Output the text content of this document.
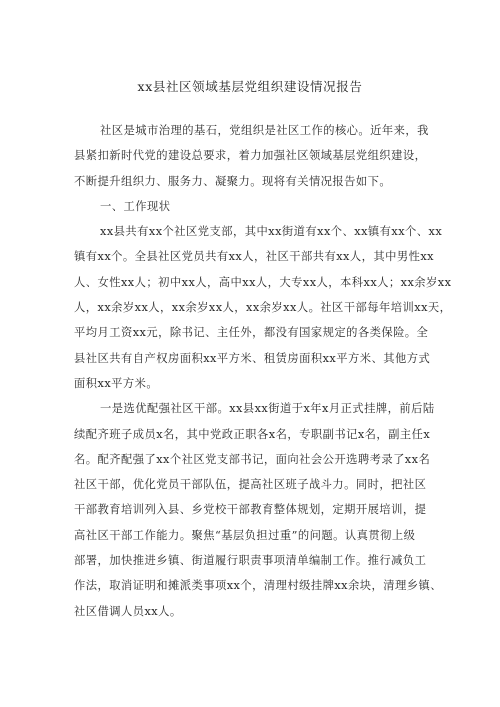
xx县社区领域基层党组织建设情况报告
社区是城市治理的基石，党组织是社区工作的核心。近年来，我
县紧扣新时代党的建设总要求，着力加强社区领域基层党组织建设，
不断提升组织力、服务力、凝聚力。现将有关情况报告如下。
一、工作现状
xx县共有xx个社区党支部，其中xx街道有xx个、xx镇有xx个、xx
镇有xx个。全县社区党员共有xx人，社区干部共有xx人，其中男性xx
人、女性xx人；初中xx人，高中xx人，大专xx人，本科xx人；xx余岁xx
人，xx余岁xx人，xx余岁xx人，xx余岁xx人。社区干部每年培训xx天，
平均月工资xx元，除书记、主任外，都没有国家规定的各类保险。全
县社区共有自产权房面积xx平方米、租赁房面积xx平方米、其他方式
面积xx平方米。
一是选优配强社区干部。xx县xx街道于x年x月正式挂牌，前后陆
续配齐班子成员x名，其中党政正职各x名，专职副书记x名，副主任x
名。配齐配强了xx个社区党支部书记，面向社会公开选聘考录了xx名
社区干部，优化党员干部队伍，提高社区班子战斗力。同时，把社区
干部教育培训列入县、乡党校干部教育整体规划，定期开展培训，提
高社区干部工作能力。聚焦“基层负担过重”的问题。认真贯彻上级
部署，加快推进乡镇、街道履行职责事项清单编制工作。推行减负工
作法，取消证明和摊派类事项xx个，清理村级挂牌xx余块，清理乡镇、
社区借调人员xx人。
